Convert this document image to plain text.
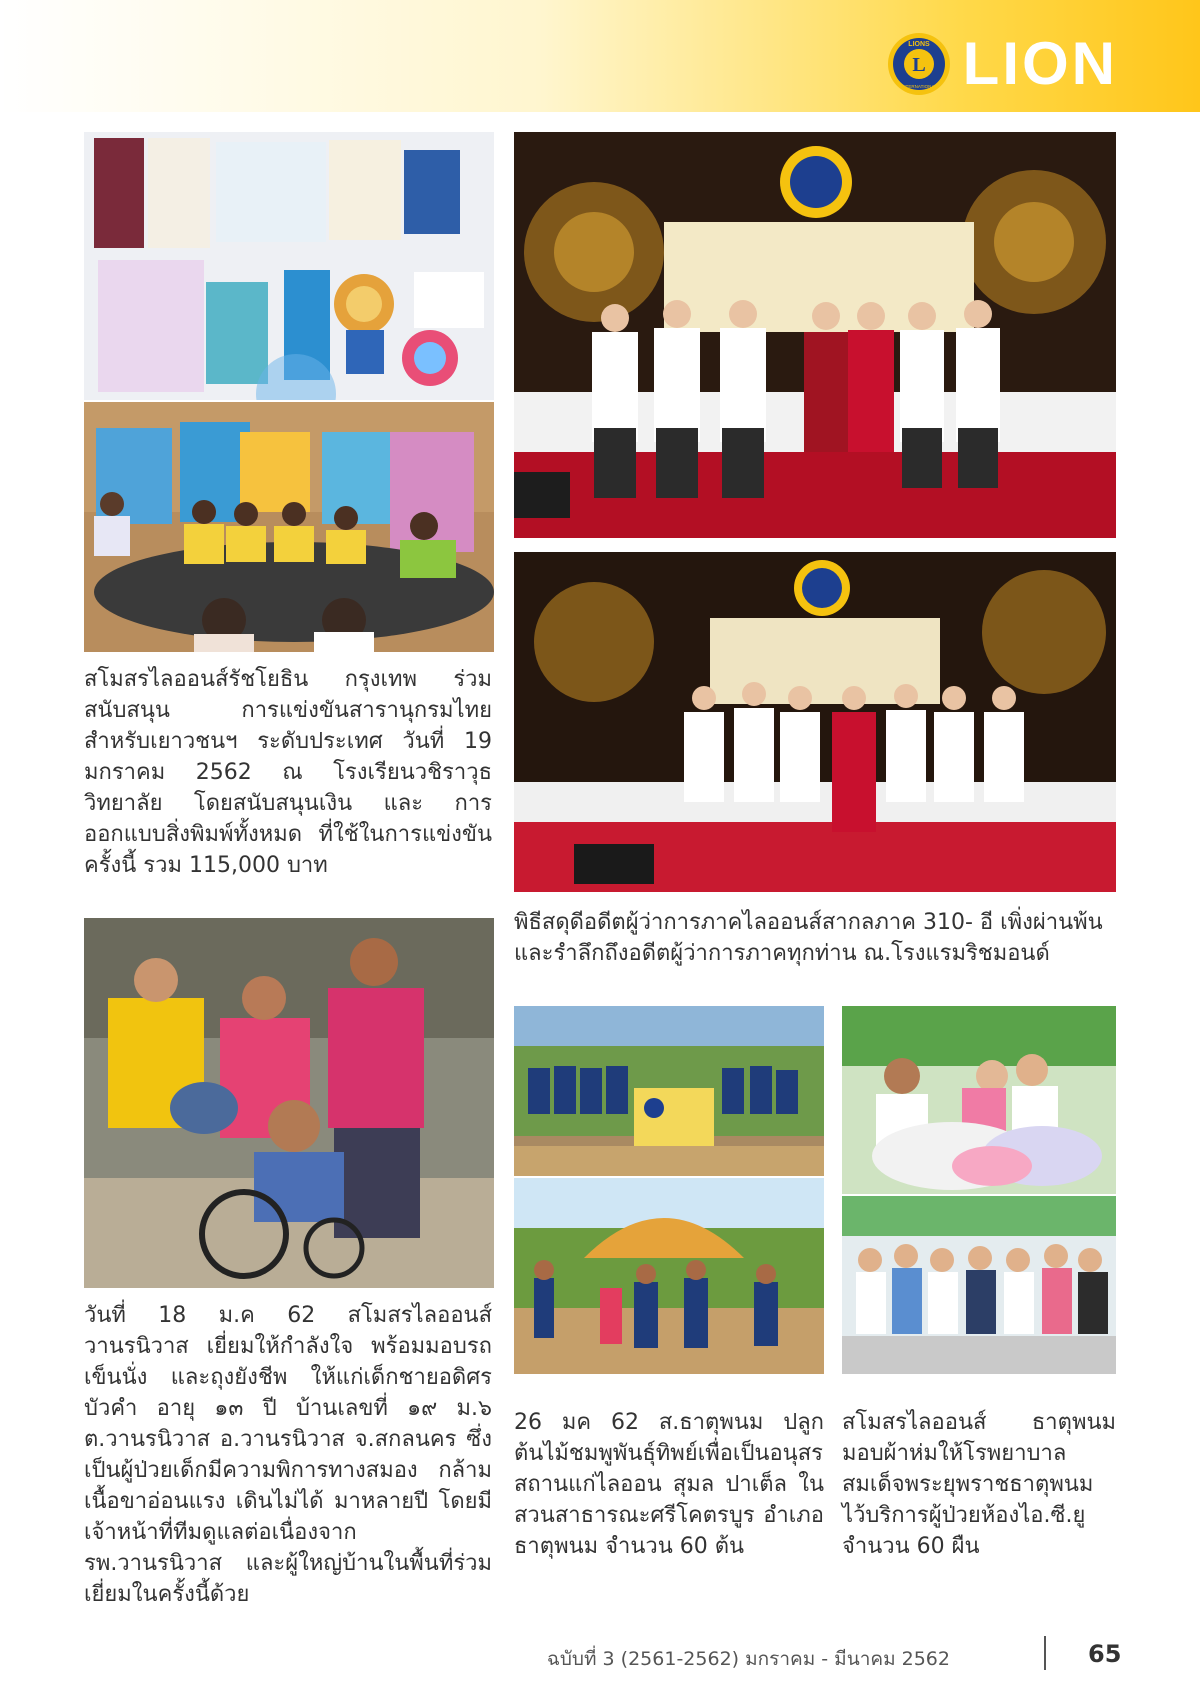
L
LIONS
INTERNATIONAL LION

สโมสรไลออนส์รัชโยธิน กรุงเทพ ร่วมสนับสนุน การแข่งขันสารานุกรมไทยสำหรับเยาวชนฯ ระดับประเทศ วันที่ 19 มกราคม 2562 ณ โรงเรียนวชิราวุธ วิทยาลัย โดยสนับสนุนเงิน และ การออกแบบสิ่งพิมพ์ทั้งหมด ที่ใช้ในการแข่งขันครั้งนี้ รวม 115,000 บาท

พิธีสดุดีอดีตผู้ว่าการภาคไลออนส์สากลภาค 310- อี เพิ่งผ่านพ้นและรำลึกถึงอดีตผู้ว่าการภาคทุกท่าน ณ.โรงแรมริชมอนด์

วันที่ 18 ม.ค 62 สโมสรไลออนส์วานรนิวาส เยี่ยมให้กำลังใจ พร้อมมอบรถเข็นนั่ง และถุงยังชีพ ให้แก่เด็กชายอดิศร บัวคำ อายุ ๑๓ ปี บ้านเลขที่ ๑๙ ม.๖ ต.วานรนิวาส อ.วานรนิวาส จ.สกลนคร ซึ่งเป็นผู้ป่วยเด็กมีความพิการทางสมอง กล้ามเนื้อขาอ่อนแรง เดินไม่ได้ มาหลายปี โดยมีเจ้าหน้าที่ทีมดูแลต่อเนื่องจาก รพ.วานรนิวาส และผู้ใหญ่บ้านในพื้นที่ร่วมเยี่ยมในครั้งนี้ด้วย

26 มค 62 ส.ธาตุพนม ปลูกต้นไม้ชมพูพันธุ์ทิพย์เพื่อเป็นอนุสรสถานแก่ไลออน สุมล ปาเต็ล ในสวนสาธารณะศรีโคตรบูร อำเภอธาตุพนม จำนวน 60 ต้น

สโมสรไลออนส์ ธาตุพนม มอบผ้าห่มให้โรพยาบาลสมเด็จพระยุพราชธาตุพนม ไว้บริการผู้ป่วยห้องไอ.ซี.ยู จำนวน 60 ผืน

ฉบับที่ 3 (2561-2562) มกราคม - มีนาคม 2562	65
